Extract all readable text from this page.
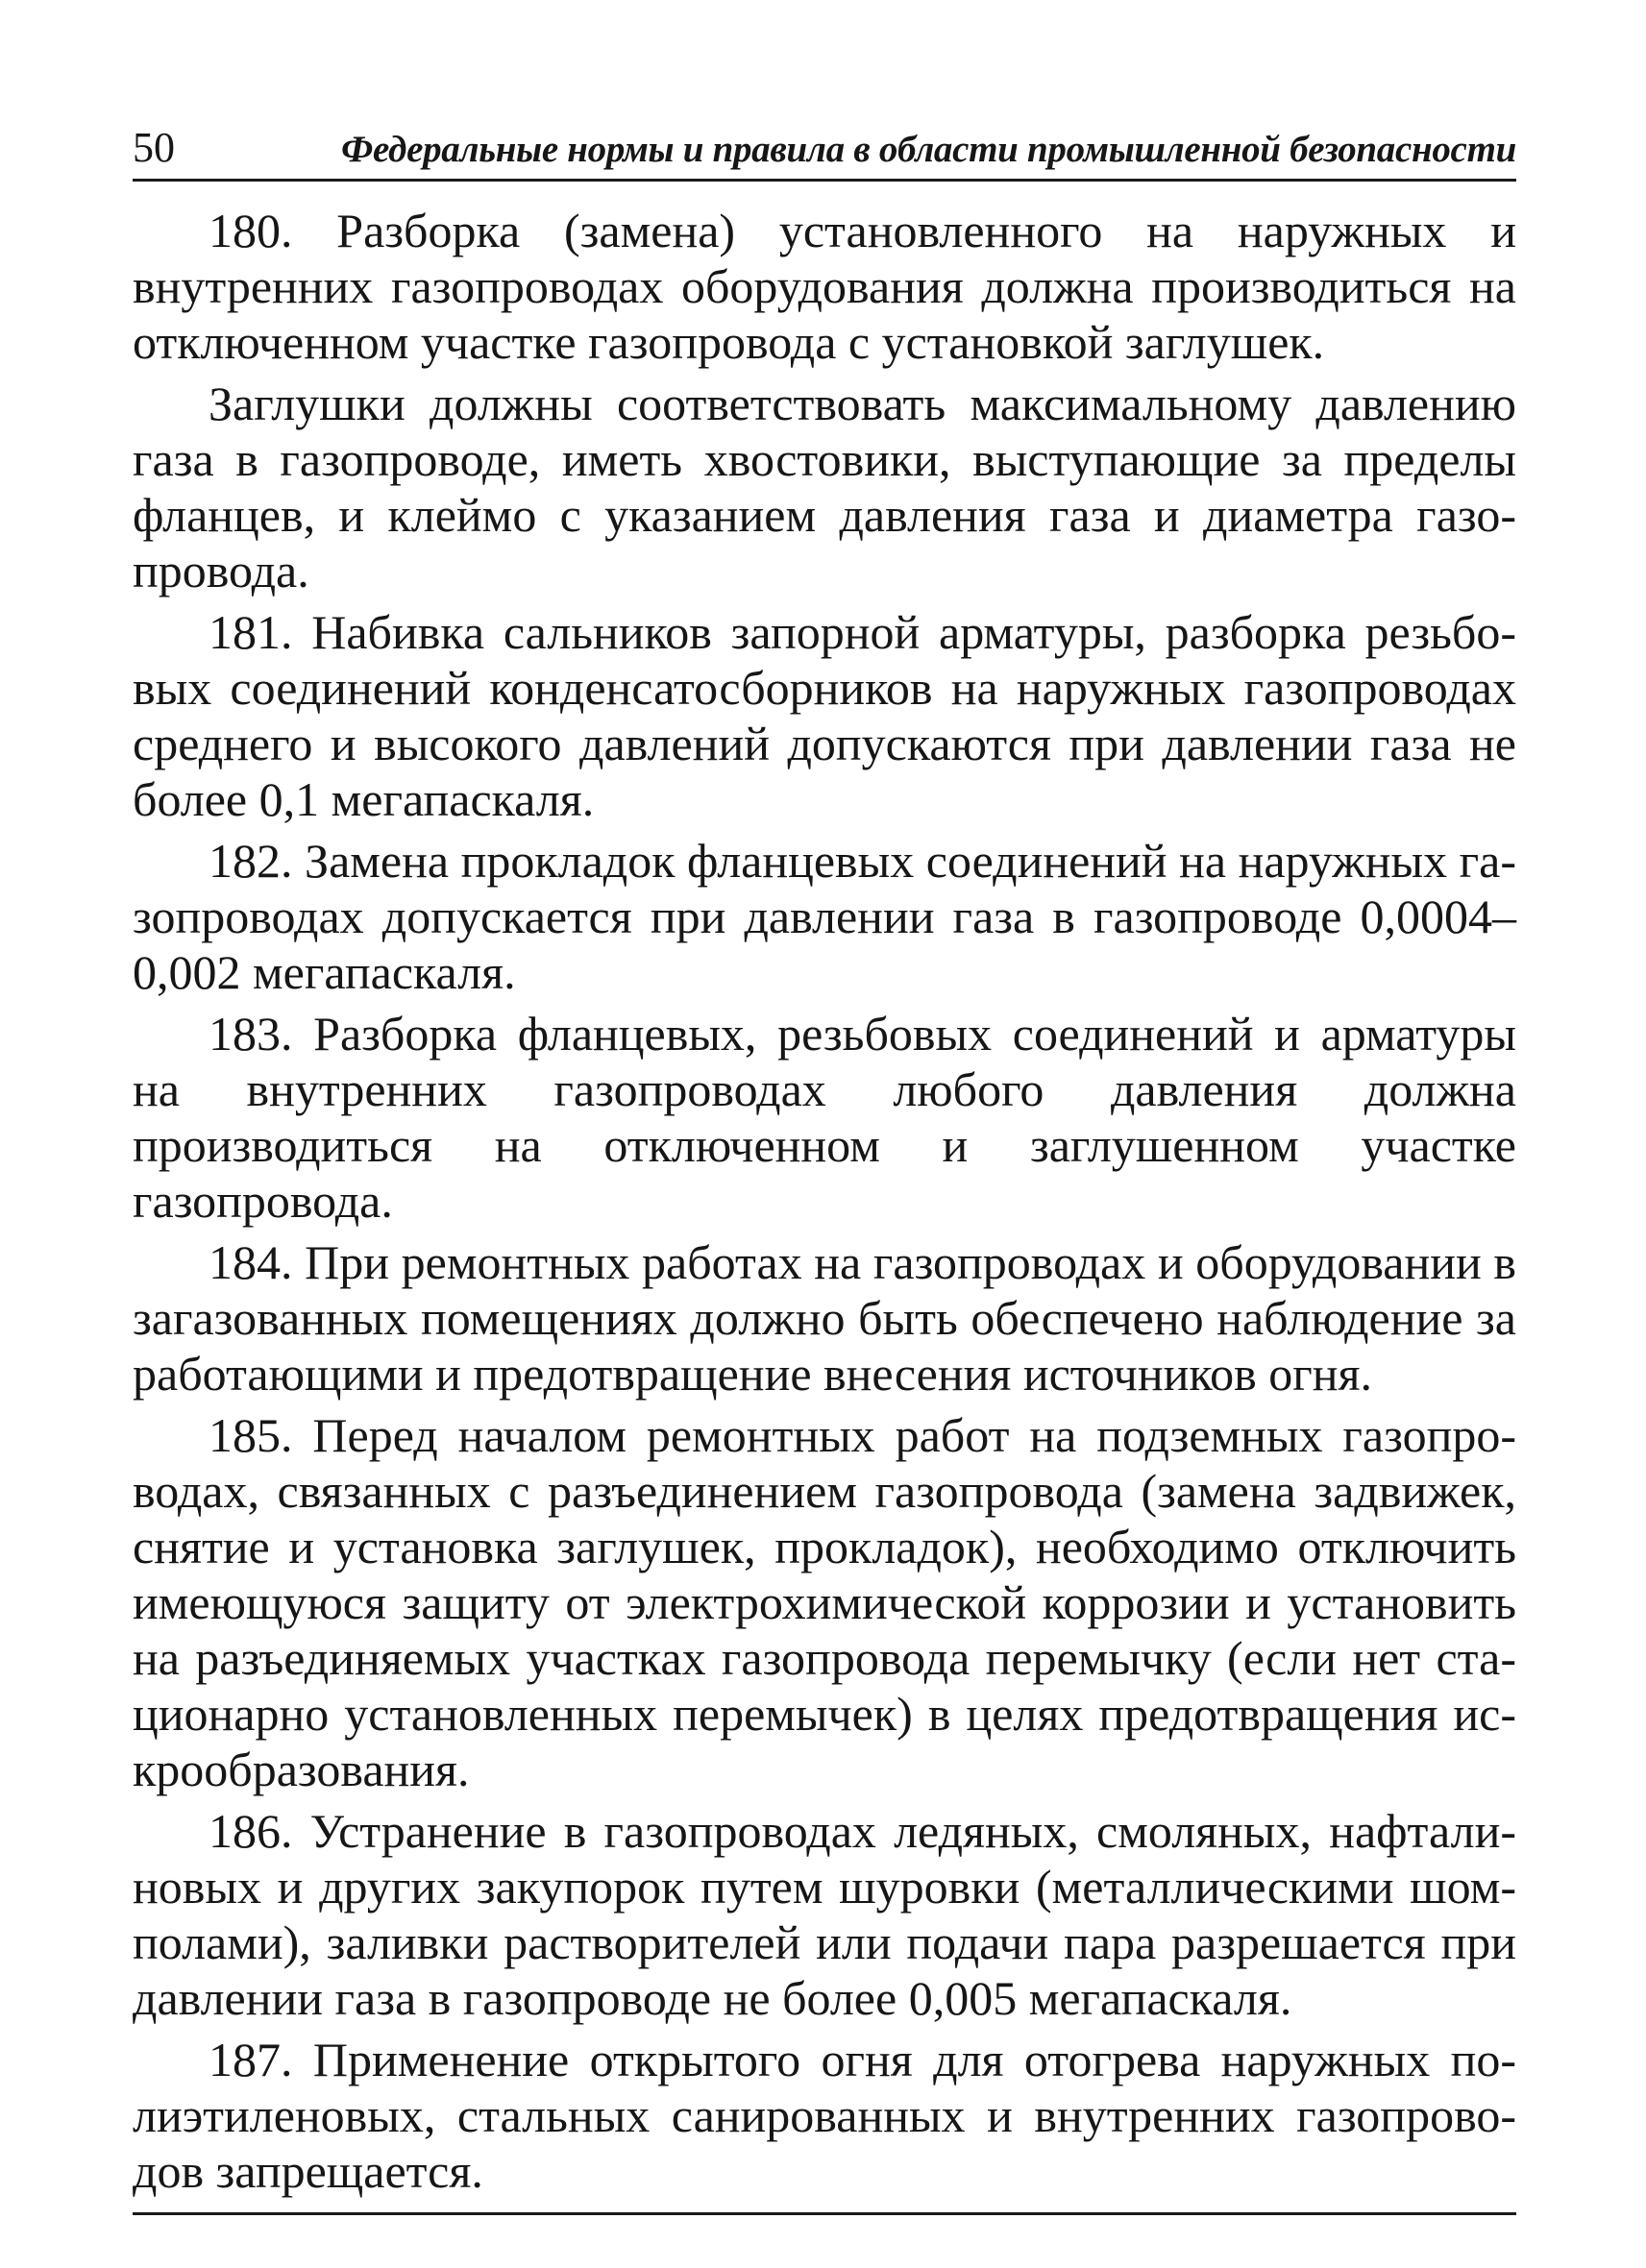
50	Федеральные нормы и правила в области промышленной безопасности

180. Разборка (замена) установленного на наружных и внутренних газопроводах оборудования должна производиться на отключенном участке газопровода с установкой заглушек.

Заглушки должны соответствовать максимальному давлению газа в газопроводе, иметь хвостовики, выступающие за пределы фланцев, и клеймо с указанием давления газа и диаметра газопровода.

181. Набивка сальников запорной арматуры, разборка резьбовых соединений конденсатосборников на наружных газопроводах среднего и высокого давлений допускаются при давлении газа не более 0,1 мегапаскаля.

182. Замена прокладок фланцевых соединений на наружных газопроводах допускается при давлении газа в газопроводе 0,0004–0,002 мегапаскаля.

183. Разборка фланцевых, резьбовых соединений и арматуры на внутренних газопроводах любого давления должна производиться на отключенном и заглушенном участке газопровода.

184. При ремонтных работах на газопроводах и оборудовании в загазованных помещениях должно быть обеспечено наблюдение за работающими и предотвращение внесения источников огня.

185. Перед началом ремонтных работ на подземных газопроводах, связанных с разъединением газопровода (замена задвижек, снятие и установка заглушек, прокладок), необходимо отключить имеющуюся защиту от электрохимической коррозии и установить на разъединяемых участках газопровода перемычку (если нет стационарно установленных перемычек) в целях предотвращения искрообразования.

186. Устранение в газопроводах ледяных, смоляных, нафталиновых и других закупорок путем шуровки (металлическими шомполами), заливки растворителей или подачи пара разрешается при давлении газа в газопроводе не более 0,005 мегапаскаля.

187. Применение открытого огня для отогрева наружных полиэтиленовых, стальных санированных и внутренних газопроводов запрещается.
